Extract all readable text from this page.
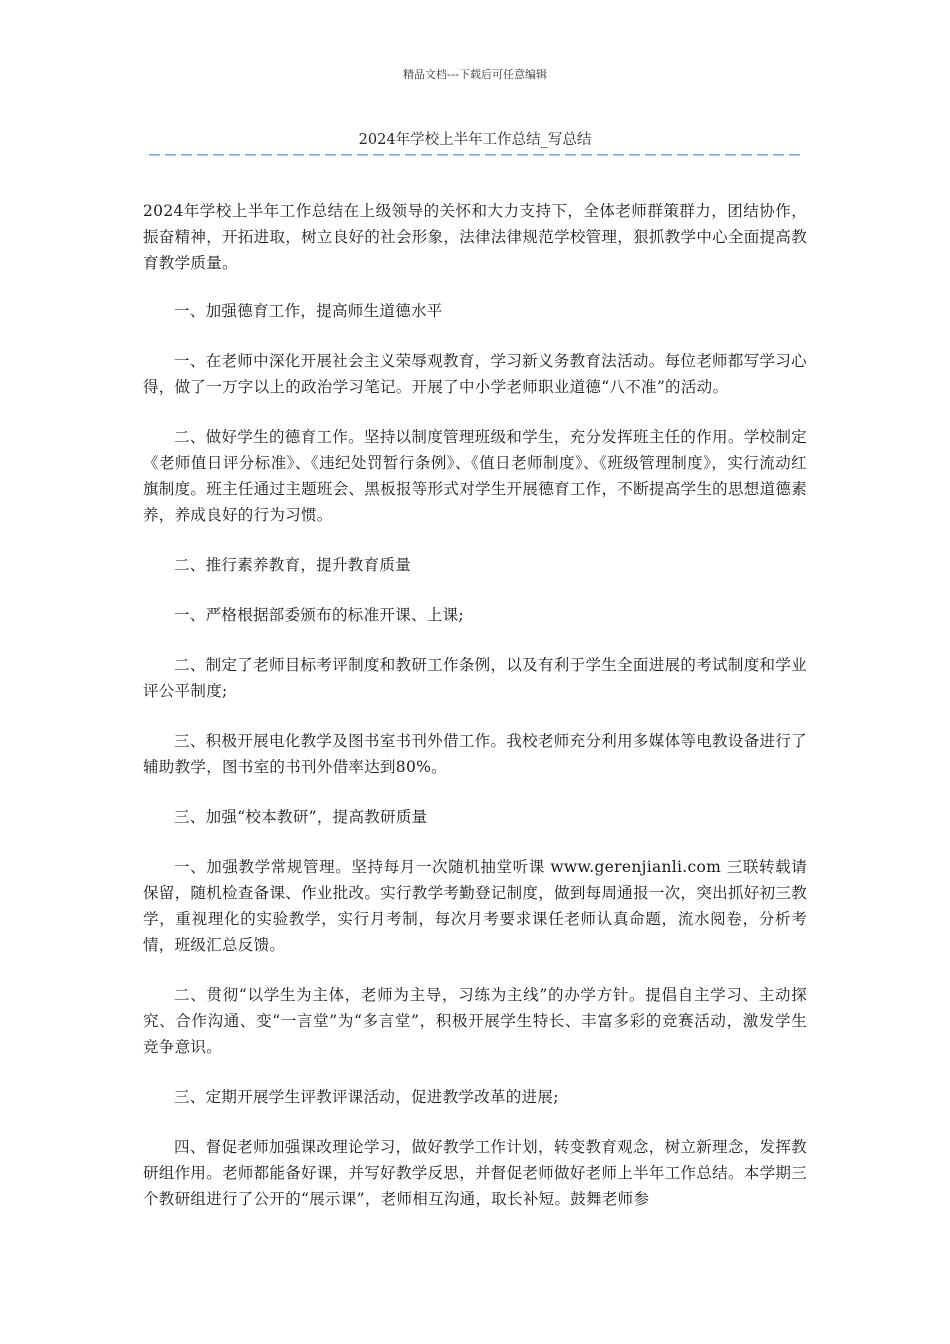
精品文档---下载后可任意编辑
2024年学校上半年工作总结_写总结

2024年学校上半年工作总结在上级领导的关怀和大力支持下，全体老师群策群力，团结协作，振奋精神，开拓进取，树立良好的社会形象，法律法律规范学校管理，狠抓教学中心全面提高教育教学质量。

一、加强德育工作，提高师生道德水平

一、在老师中深化开展社会主义荣辱观教育，学习新义务教育法活动。每位老师都写学习心得，做了一万字以上的政治学习笔记。开展了中小学老师职业道德“八不准”的活动。

二、做好学生的德育工作。坚持以制度管理班级和学生，充分发挥班主任的作用。学校制定《老师值日评分标准》、《违纪处罚暂行条例》、《值日老师制度》、《班级管理制度》，实行流动红旗制度。班主任通过主题班会、黑板报等形式对学生开展德育工作，不断提高学生的思想道德素养，养成良好的行为习惯。

二、推行素养教育，提升教育质量

一、严格根据部委颁布的标准开课、上课;

二、制定了老师目标考评制度和教研工作条例，以及有利于学生全面进展的考试制度和学业评公平制度;

三、积极开展电化教学及图书室书刊外借工作。我校老师充分利用多媒体等电教设备进行了辅助教学，图书室的书刊外借率达到80%。

三、加强“校本教研”，提高教研质量

一、加强教学常规管理。坚持每月一次随机抽堂听课 www.gerenjianli.com 三联转载请保留，随机检查备课、作业批改。实行教学考勤登记制度，做到每周通报一次，突出抓好初三教学，重视理化的实验教学，实行月考制，每次月考要求课任老师认真命题，流水阅卷，分析考情，班级汇总反馈。

二、贯彻“以学生为主体，老师为主导，习练为主线”的办学方针。提倡自主学习、主动探究、合作沟通、变“一言堂”为“多言堂”，积极开展学生特长、丰富多彩的竞赛活动，激发学生竞争意识。

三、定期开展学生评教评课活动，促进教学改革的进展;

四、督促老师加强课改理论学习，做好教学工作计划，转变教育观念，树立新理念，发挥教研组作用。老师都能备好课，并写好教学反思，并督促老师做好老师上半年工作总结。本学期三个教研组进行了公开的“展示课”，老师相互沟通，取长补短。鼓舞老师参
